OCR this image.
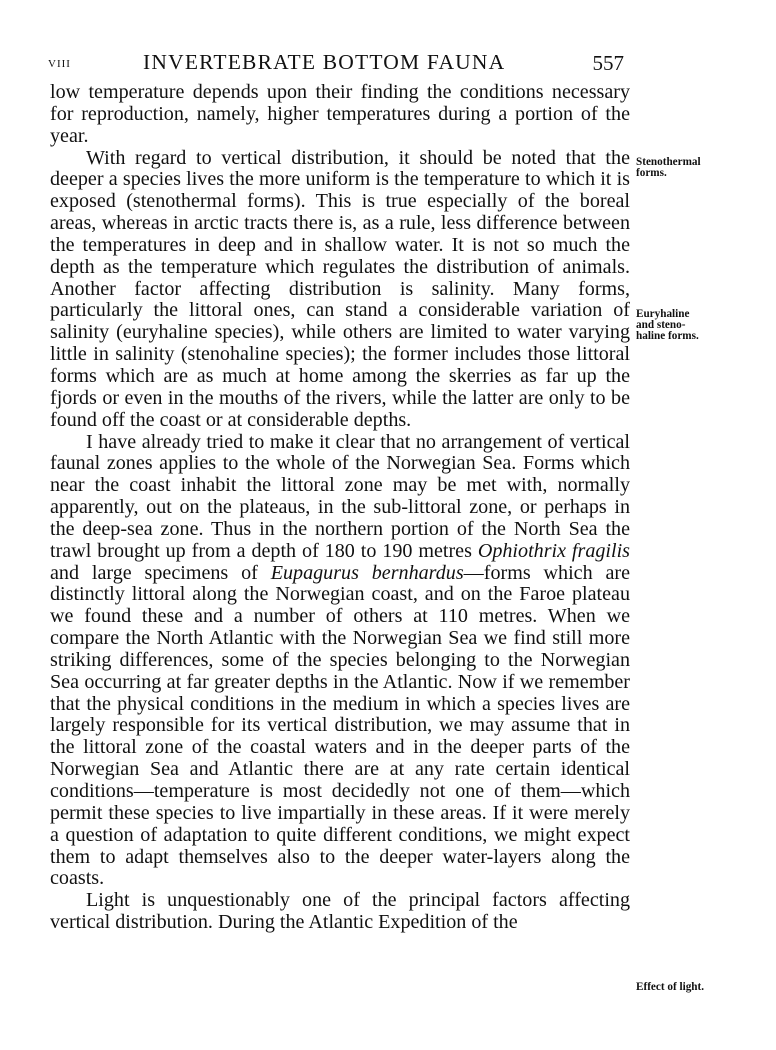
VIII	INVERTEBRATE BOTTOM FAUNA	557

low temperature depends upon their finding the conditions necessary for reproduction, namely, higher temperatures during a portion of the year.

With regard to vertical distribution, it should be noted that the deeper a species lives the more uniform is the temperature to which it is exposed (stenothermal forms). This is true especially of the boreal areas, whereas in arctic tracts there is, as a rule, less difference between the temperatures in deep and in shallow water. It is not so much the depth as the temperature which regulates the distribution of animals. Another factor affecting distribution is salinity. Many forms, particularly the littoral ones, can stand a considerable variation of salinity (euryhaline species), while others are limited to water varying little in salinity (stenohaline species); the former includes those littoral forms which are as much at home among the skerries as far up the fjords or even in the mouths of the rivers, while the latter are only to be found off the coast or at considerable depths.

I have already tried to make it clear that no arrangement of vertical faunal zones applies to the whole of the Norwegian Sea. Forms which near the coast inhabit the littoral zone may be met with, normally apparently, out on the plateaus, in the sub-littoral zone, or perhaps in the deep-sea zone. Thus in the northern portion of the North Sea the trawl brought up from a depth of 180 to 190 metres Ophiothrix fragilis and large specimens of Eupagurus bernhardus—forms which are distinctly littoral along the Norwegian coast, and on the Faroe plateau we found these and a number of others at 110 metres. When we compare the North Atlantic with the Norwegian Sea we find still more striking differences, some of the species belonging to the Norwegian Sea occurring at far greater depths in the Atlantic. Now if we remember that the physical conditions in the medium in which a species lives are largely responsible for its vertical distribution, we may assume that in the littoral zone of the coastal waters and in the deeper parts of the Norwegian Sea and Atlantic there are at any rate certain identical conditions—temperature is most decidedly not one of them—which permit these species to live impartially in these areas. If it were merely a question of adaptation to quite different conditions, we might expect them to adapt themselves also to the deeper water-layers along the coasts.

Light is unquestionably one of the principal factors affecting vertical distribution. During the Atlantic Expedition of the

Stenothermal
forms.
Euryhaline
and steno-
haline forms.
Effect of light.
